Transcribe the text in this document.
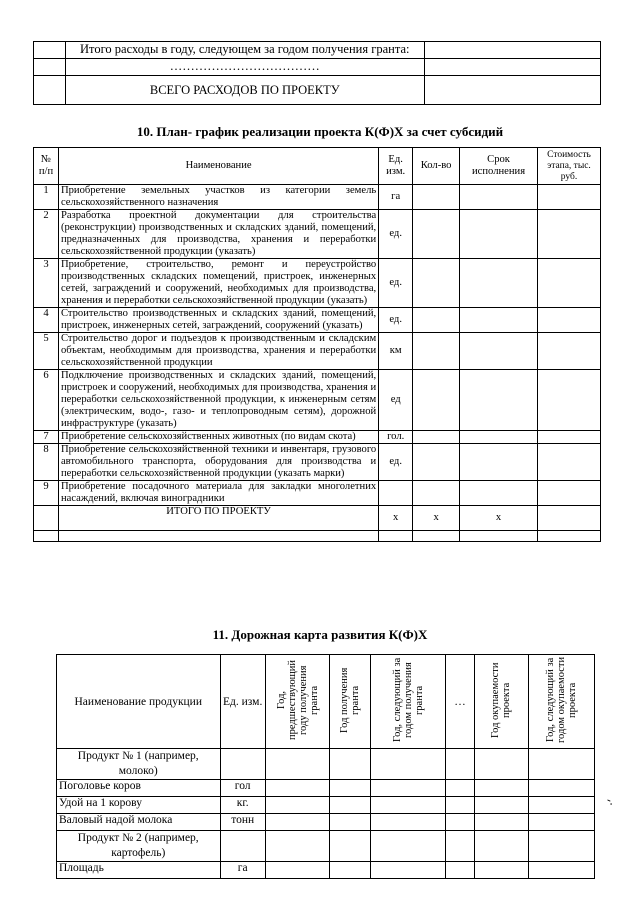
	Итого расходы в году, следующем за годом получения гранта:	
	………………………………	
	ВСЕГО РАСХОДОВ ПО ПРОЕКТУ	
10. План- график реализации проекта К(Ф)Х за счет субсидий
№ п/п	Наименование	Ед. изм.	Кол-во	Срок исполнения	Стоимость этапа, тыс. руб.
1	Приобретение земельных участков из категории земель сельскохозяйственного назначения	га			
2	Разработка проектной документации для строительства (реконструкции) производственных и складских зданий, помещений, предназначенных для производства, хранения и переработки сельскохозяйственной продукции (указать)	ед.			
3	Приобретение, строительство, ремонт и переустройство производственных складских помещений, пристроек, инженерных сетей, заграждений и сооружений, необходимых для производства, хранения и переработки сельскохозяйственной продукции (указать)	ед.			
4	Строительство производственных и складских зданий, помещений, пристроек, инженерных сетей, заграждений, сооружений (указать)	ед.			
5	Строительство дорог и подъездов к производственным и складским объектам, необходимым для производства, хранения и переработки сельскохозяйственной продукции	км			
6	Подключение производственных и складских зданий, помещений, пристроек и сооружений, необходимых для производства, хранения и переработки сельскохозяйственной продукции, к инженерным сетям (электрическим, водо-, газо- и теплопроводным сетям), дорожной инфраструктуре (указать)	ед			
7	Приобретение сельскохозяйственных животных (по видам скота)	гол.			
8	Приобретение сельскохозяйственной техники и инвентаря, грузового автомобильного транспорта, оборудования для производства и переработки сельскохозяйственной продукции (указать марки)	ед.			
9	Приобретение посадочного материала для закладки многолетних насаждений, включая виноградники				
	ИТОГО ПО ПРОЕКТУ	х	х	х	

11. Дорожная карта развития К(Ф)Х
Наименование продукции	Ед. изм.	Год, предшествующий году получения гранта	Год получения гранта	Год, следующий за годом получения гранта	…	Год окупаемости проекта	Год, следующий за годом окупаемости проекта
Продукт № 1 (например, молоко)							
Поголовье коров	гол						
Удой на 1 корову	кг.						
Валовый надой молока	тонн						
Продукт № 2 (например, картофель)							
Площадь	га						
‑.
